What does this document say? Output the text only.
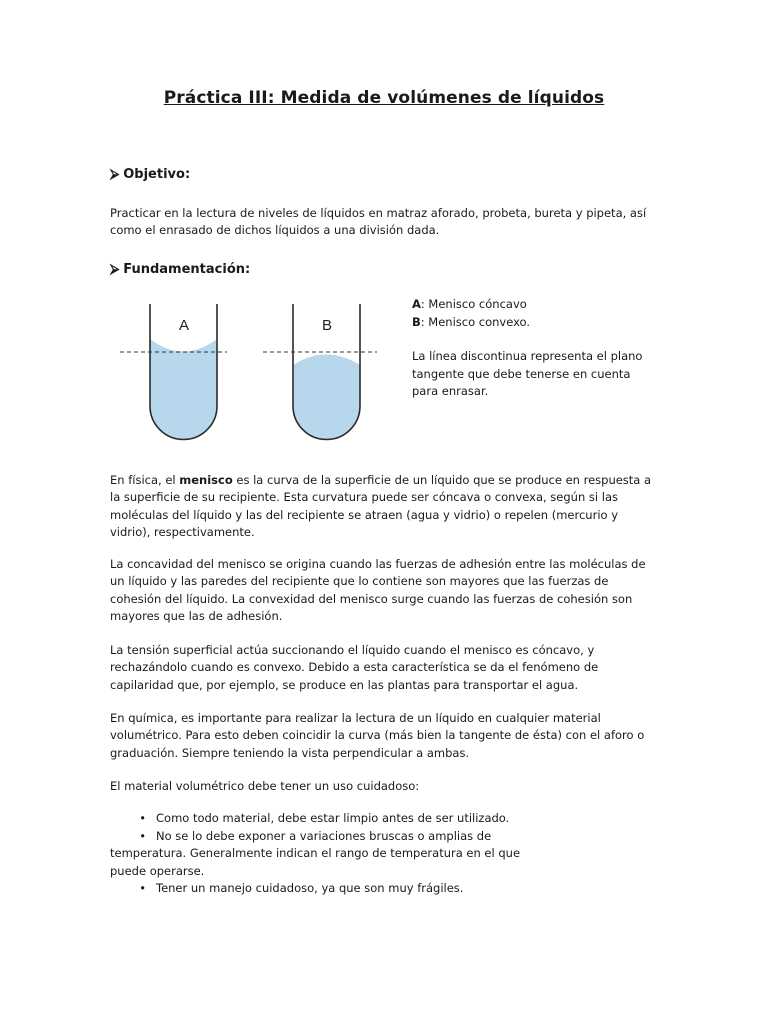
Práctica III: Medida de volúmenes de líquidos
⮚ Objetivo:

Practicar en la lectura de niveles de líquidos en matraz aforado, probeta, bureta y pipeta, así como el enrasado de dichos líquidos a una división dada.

⮚ Fundamentación:
A	B
A: Menisco cóncavo
B: Menisco convexo.
La línea discontinua representa el plano
tangente que debe tenerse en cuenta
para enrasar.

En física, el menisco es la curva de la superficie de un líquido que se produce en respuesta a la superficie de su recipiente. Esta curvatura puede ser cóncava o convexa, según si las moléculas del líquido y las del recipiente se atraen (agua y vidrio) o repelen (mercurio y vidrio), respectivamente.

La concavidad del menisco se origina cuando las fuerzas de adhesión entre las moléculas de un líquido y las paredes del recipiente que lo contiene son mayores que las fuerzas de cohesión del líquido. La convexidad del menisco surge cuando las fuerzas de cohesión son mayores que las de adhesión.

La tensión superficial actúa succionando el líquido cuando el menisco es cóncavo, y rechazándolo cuando es convexo. Debido a esta característica se da el fenómeno de capilaridad que, por ejemplo, se produce en las plantas para transportar el agua.

En química, es importante para realizar la lectura de un líquido en cualquier material volumétrico. Para esto deben coincidir la curva (más bien la tangente de ésta) con el aforo o graduación. Siempre teniendo la vista perpendicular a ambas.

El material volumétrico debe tener un uso cuidadoso:

• Como todo material, debe estar limpio antes de ser utilizado.
• No se lo debe exponer a variaciones bruscas o amplias de temperatura. Generalmente indican el rango de temperatura en el que puede operarse.
• Tener un manejo cuidadoso, ya que son muy frágiles.
